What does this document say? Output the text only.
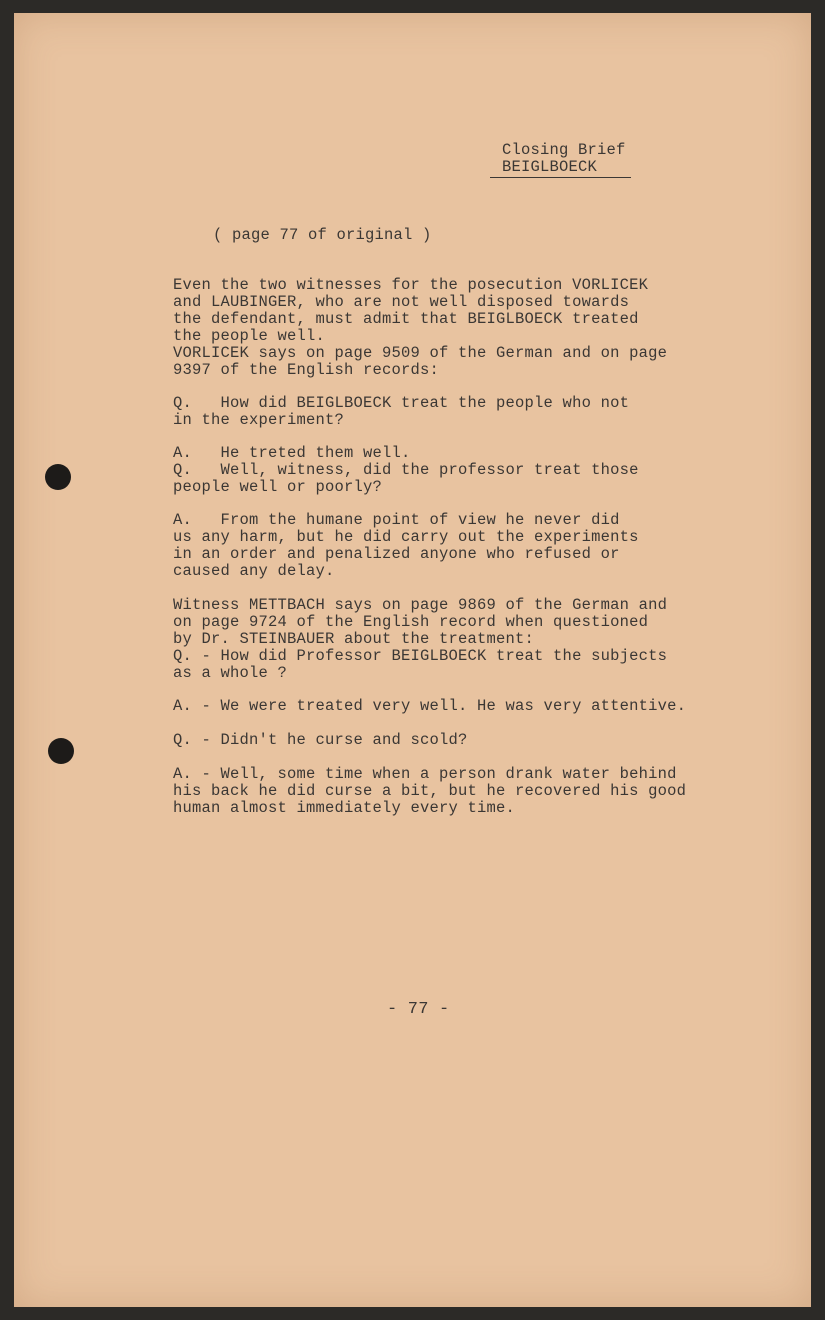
Closing Brief
BEIGLBOECK
( page 77 of original )
Even the two witnesses for the posecution VORLICEK
and LAUBINGER, who are not well disposed towards
the defendant, must admit that BEIGLBOECK treated
the people well.
VORLICEK says on page 9509 of the German and on page
9397 of the English records:
Q.   How did BEIGLBOECK treat the people who not
in the experiment?
A.   He treted them well.
Q.   Well, witness, did the professor treat those
people well or poorly?
A.   From the humane point of view he never did
us any harm, but he did carry out the experiments
in an order and penalized anyone who refused or
caused any delay.
Witness METTBACH says on page 9869 of the German and
on page 9724 of the English record when questioned
by Dr. STEINBAUER about the treatment:
Q. - How did Professor BEIGLBOECK treat the subjects
as a whole ?
A. - We were treated very well. He was very attentive.
Q. - Didn't he curse and scold?
A. - Well, some time when a person drank water behind
his back he did curse a bit, but he recovered his good
human almost immediately every time.
- 77 -
